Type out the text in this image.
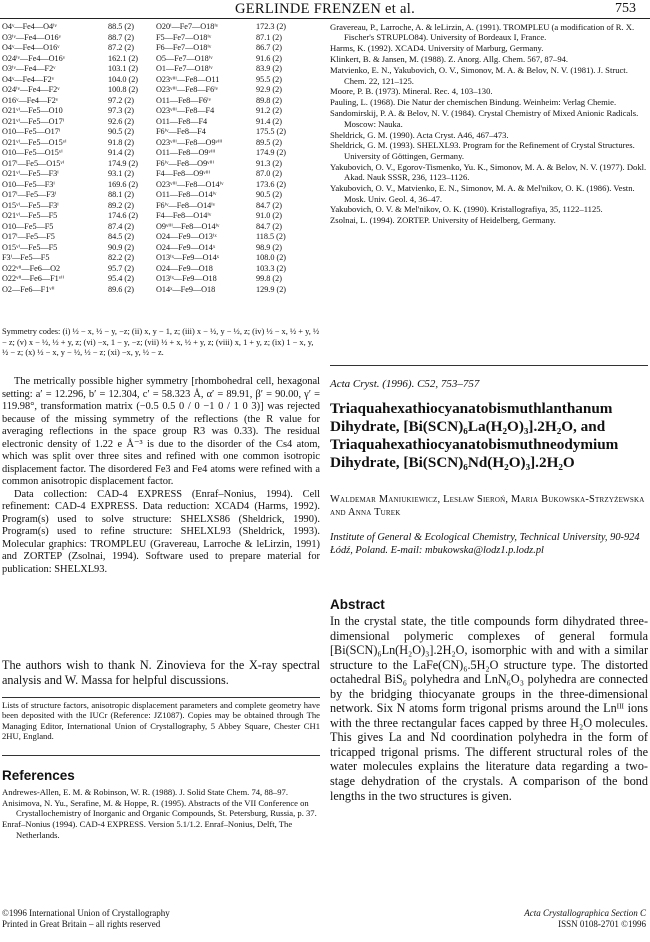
GERLINDE FRENZEN et al.	753
O4ᵛ—Fe4—O4ⁱᵛ	88.5 (2)	O20ⁱ—Fe7—O18ⁱᵛ	172.3 (2)
O3ⁱᵛ—Fe4—O16ᵛ	88.7 (2)	F5—Fe7—O18ⁱᵛ	87.1 (2)
O4ᵛ—Fe4—O16ᵛ	87.2 (2)	F6—Fe7—O18ⁱᵛ	86.7 (2)
O24ⁱᵛ—Fe4—O16ᵛ	162.1 (2)	O5—Fe7—O18ⁱᵛ	91.6 (2)
O3ⁱᵛ—Fe4—F2ᵛ	103.1 (2)	O1—Fe7—O18ⁱᵛ	83.9 (2)
O4ᵛ—Fe4—F2ᵛ	104.0 (2)	O23ᵛⁱⁱⁱ—Fe8—O11	95.5 (2)
O24ⁱᵛ—Fe4—F2ᵛ	100.8 (2)	O23ᵛⁱⁱⁱ—Fe8—F6ⁱᵛ	92.9 (2)
O16ᵛ—Fe4—F2ᵛ	97.2 (2)	O11—Fe8—F6ⁱᵛ	89.8 (2)
O21ᵛⁱ—Fe5—O10	97.3 (2)	O23ᵛⁱⁱⁱ—Fe8—F4	91.2 (2)
O21ᵛⁱ—Fe5—O17ⁱ	92.6 (2)	O11—Fe8—F4	91.4 (2)
O10—Fe5—O17ⁱ	90.5 (2)	F6ⁱᵛ—Fe8—F4	175.5 (2)
O21ᵛⁱ—Fe5—O15ᵛⁱ	91.8 (2)	O23ᵛⁱⁱⁱ—Fe8—O9ᵛⁱⁱⁱ	89.5 (2)
O10—Fe5—O15ᵛⁱ	91.4 (2)	O11—Fe8—O9ᵛⁱⁱⁱ	174.9 (2)
O17ⁱ—Fe5—O15ᵛⁱ	174.9 (2)	F6ⁱᵛ—Fe8—O9ᵛⁱⁱⁱ	91.3 (2)
O21ᵛⁱ—Fe5—F3ⁱ	93.1 (2)	F4—Fe8—O9ᵛⁱⁱⁱ	87.0 (2)
O10—Fe5—F3ⁱ	169.6 (2)	O23ᵛⁱⁱⁱ—Fe8—O14ⁱᵛ	173.6 (2)
O17ⁱ—Fe5—F3ⁱ	88.1 (2)	O11—Fe8—O14ⁱᵛ	90.5 (2)
O15ᵛⁱ—Fe5—F3ⁱ	89.2 (2)	F6ⁱᵛ—Fe8—O14ⁱᵛ	84.7 (2)
O21ᵛⁱ—Fe5—F5	174.6 (2)	F4—Fe8—O14ⁱᵛ	91.0 (2)
O10—Fe5—F5	87.4 (2)	O9ᵛⁱⁱⁱ—Fe8—O14ⁱᵛ	84.7 (2)
O17ⁱ—Fe5—F5	84.5 (2)	O24—Fe9—O13ⁱˣ	118.5 (2)
O15ᵛⁱ—Fe5—F5	90.9 (2)	O24—Fe9—O14ˣ	98.9 (2)
F3ⁱ—Fe5—F5	82.2 (2)	O13ⁱˣ—Fe9—O14ˣ	108.0 (2)
O22ᵛⁱⁱ—Fe6—O2	95.7 (2)	O24—Fe9—O18	103.3 (2)
O22ᵛⁱⁱ—Fe6—F1ᵛⁱⁱ	95.4 (2)	O13ⁱˣ—Fe9—O18	99.8 (2)
O2—Fe6—F1ᵛⁱⁱ	89.6 (2)	O14ˣ—Fe9—O18	129.9 (2)
Symmetry codes: (i) ½ − x, ½ − y, −z; (ii) x, y − 1, z; (iii) x − ½, y − ½, z; (iv) ½ − x, ½ + y, ½ − z; (v) x − ½, ½ + y, z; (vi) −x, 1 − y, −z; (vii) ½ + x, ½ + y, z; (viii) x, 1 + y, z; (ix) 1 − x, y, ½ − z; (x) ½ − x, y − ½, ½ − z; (xi) −x, y, ½ − z.

The metrically possible higher symmetry [rhombohedral cell, hexagonal setting: a′ = 12.296, b′ = 12.304, c′ = 58.323 Å, α′ = 89.91, β′ = 90.00, γ′ = 119.98°, transformation matrix (−0.5 0.5 0 / 0 −1 0 / 1 0 3)] was rejected because of the missing symmetry of the reflections (the R value for averaging reflections in the space group R3 was 0.33). The residual electronic density of 1.22 e Å⁻³ is due to the disorder of the Cs4 atom, which was split over three sites and refined with one common isotropic displacement factor. The disordered Fe3 and Fe4 atoms were refined with a common anisotropic displacement factor.

Data collection: CAD-4 EXPRESS (Enraf–Nonius, 1994). Cell refinement: CAD-4 EXPRESS. Data reduction: XCAD4 (Harms, 1992). Program(s) used to solve structure: SHELXS86 (Sheldrick, 1990). Program(s) used to refine structure: SHELXL93 (Sheldrick, 1993). Molecular graphics: TROMPLEU (Gravereau, Larroche & leLirzin, 1991) and ZORTEP (Zsolnai, 1994). Software used to prepare material for publication: SHELXL93.

The authors wish to thank N. Zinovieva for the X-ray spectral analysis and W. Massa for helpful discussions.
Lists of structure factors, anisotropic displacement parameters and complete geometry have been deposited with the IUCr (Reference: JZ1087). Copies may be obtained through The Managing Editor, International Union of Crystallography, 5 Abbey Square, Chester CH1 2HU, England.
References
Andrewes-Allen, E. M. & Robinson, W. R. (1988). J. Solid State Chem. 74, 88–97.
Anisimova, N. Yu., Serafine, M. & Hoppe, R. (1995). Abstracts of the VII Conference on Crystallochemistry of Inorganic and Organic Compounds, St. Petersburg, Russia, p. 37.
Enraf–Nonius (1994). CAD-4 EXPRESS. Version 5.1/1.2. Enraf–Nonius, Delft, The Netherlands.
©1996 International Union of Crystallography
Printed in Great Britain – all rights reserved
Gravereau, P., Larroche, A. & leLirzin, A. (1991). TROMPLEU (a modification of R. X. Fischer's STRUPLO84). University of Bordeaux I, France.
Harms, K. (1992). XCAD4. University of Marburg, Germany.
Klinkert, B. & Jansen, M. (1988). Z. Anorg. Allg. Chem. 567, 87–94.
Matvienko, E. N., Yakubovich, O. V., Simonov, M. A. & Belov, N. V. (1981). J. Struct. Chem. 22, 121–125.
Moore, P. B. (1973). Mineral. Rec. 4, 103–130.
Pauling, L. (1968). Die Natur der chemischen Bindung. Weinheim: Verlag Chemie.
Sandomirskij, P. A. & Belov, N. V. (1984). Crystal Chemistry of Mixed Anionic Radicals. Moscow: Nauka.
Sheldrick, G. M. (1990). Acta Cryst. A46, 467–473.
Sheldrick, G. M. (1993). SHELXL93. Program for the Refinement of Crystal Structures. University of Göttingen, Germany.
Yakubovich, O. V., Egorov-Tismenko, Yu. K., Simonov, M. A. & Belov, N. V. (1977). Dokl. Akad. Nauk SSSR, 236, 1123–1126.
Yakubovich, O. V., Matvienko, E. N., Simonov, M. A. & Mel'nikov, O. K. (1986). Vestn. Mosk. Univ. Geol. 4, 36–47.
Yakubovich, O. V. & Mel'nikov, O. K. (1990). Kristallografiya, 35, 1122–1125.
Zsolnai, L. (1994). ZORTEP. University of Heidelberg, Germany.
Acta Cryst. (1996). C52, 753–757
Triaquahexathiocyanatobismuthlanthanum Dihydrate, [Bi(SCN)₆La(H₂O)₃].2H₂O, and Triaquahexathiocyanatobismuthneodymium Dihydrate, [Bi(SCN)₆Nd(H₂O)₃].2H₂O
Waldemar Maniukiewicz, Lesław Sieroń, Maria Bukowska-Strzyżewska and Anna Turek
Institute of General & Ecological Chemistry, Technical University, 90-924 Łódź, Poland. E-mail: mbukowska@lodz1.p.lodz.pl
Abstract
In the crystal state, the title compounds form dihydrated three-dimensional polymeric complexes of general formula [Bi(SCN)₆Ln(H₂O)₃].2H₂O, isomorphic with and with a similar structure to the LaFe(CN)₆.5H₂O structure type. The distorted octahedral BiS₆ polyhedra and LnN₆O₃ polyhedra are connected by the bridging thiocyanate groups in the three-dimensional network. Six N atoms form trigonal prisms around the Lnᴵᴵᴵ ions with the three rectangular faces capped by three H₂O molecules. This gives La and Nd coordination polyhedra in the form of tricapped trigonal prisms. The different structural roles of the water molecules explains the literature data regarding a two-stage dehydration of the crystals. A comparison of the bond lengths in the two structures is given.
Acta Crystallographica Section C
ISSN 0108-2701 ©1996
